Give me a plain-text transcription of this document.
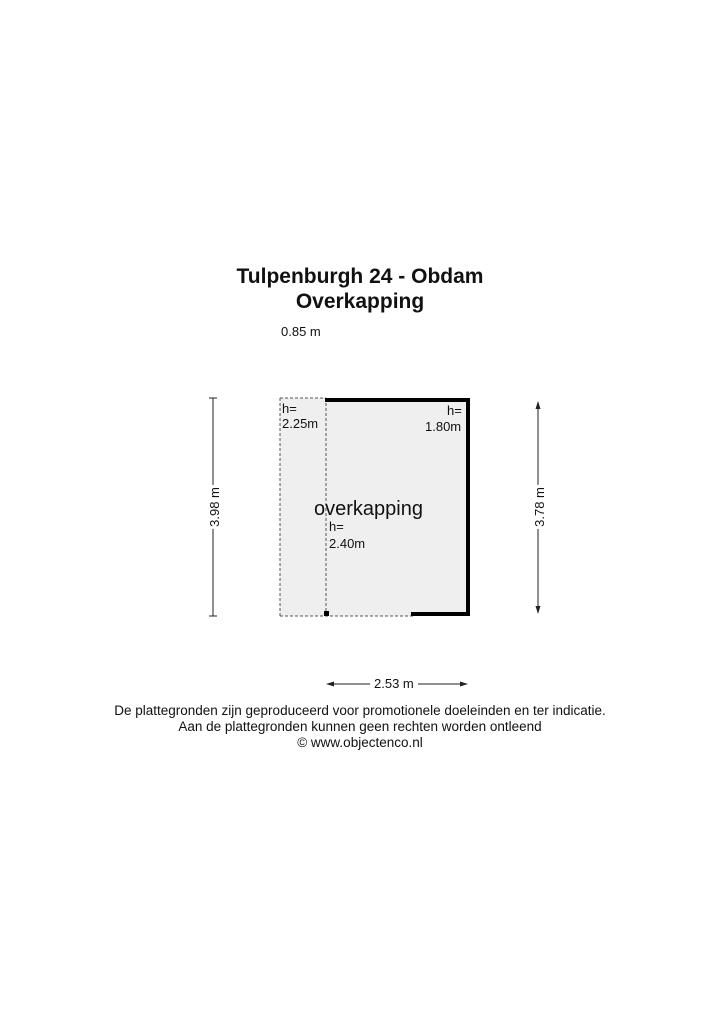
Tulpenburgh 24 - Obdam
Overkapping
0.85 m
3.98 m	3.78 m
2.53 m
h=
2.25m
h=
1.80m
overkapping
h=
2.40m
De plattegronden zijn geproduceerd voor promotionele doeleinden en ter indicatie.
Aan de plattegronden kunnen geen rechten worden ontleend
© www.objectenco.nl
